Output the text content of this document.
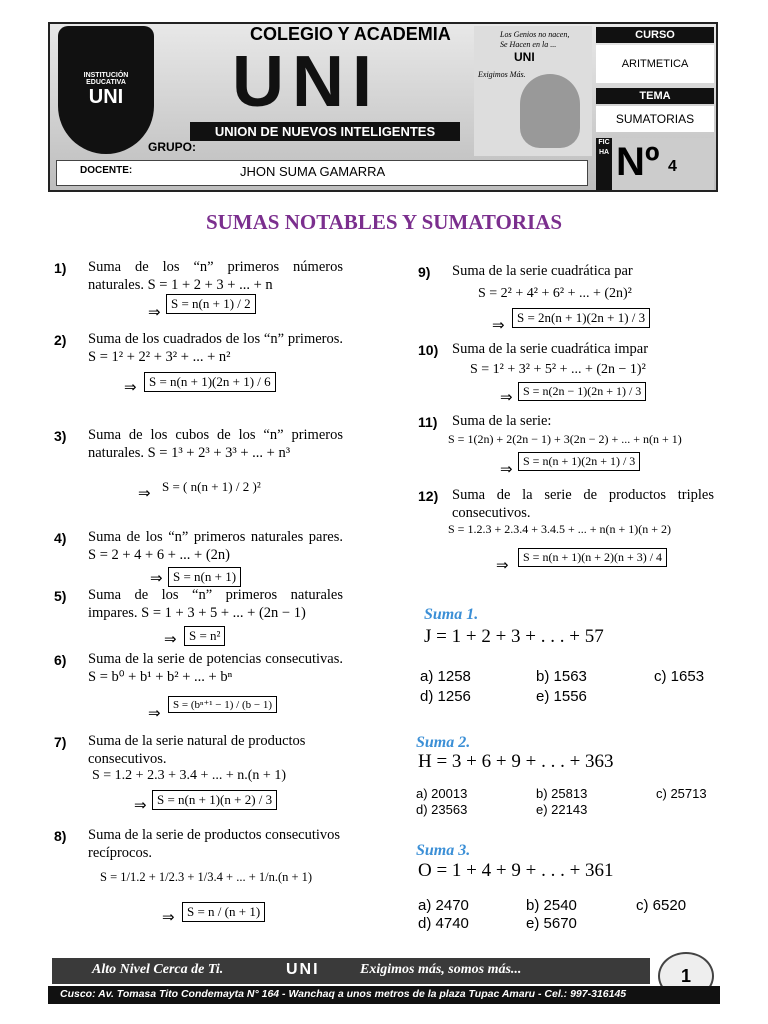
INSTITUCIÓN EDUCATIVA
UNI
COLEGIO Y ACADEMIA
UNI
UNION DE NUEVOS INTELIGENTES
GRUPO:
DOCENTE:	JHON SUMA GAMARRA
Los Genios no nacen,
Se Hacen en la ...
UNI
Exigimos Más.
CURSO
ARITMETICA
TEMA
SUMATORIAS
FICHA Nº 4
SUMAS NOTABLES Y SUMATORIAS
1) Suma de los “n” primeros números naturales. S = 1 + 2 + 3 + ... + n
⇒
S = n(n + 1) / 2
2) Suma de los cuadrados de los “n” primeros. S = 1² + 2² + 3² + ... + n²
⇒ S = n(n + 1)(2n + 1) / 6
3) Suma de los cubos de los “n” primeros naturales. S = 1³ + 2³ + 3³ + ... + n³
⇒ S = ( n(n + 1) / 2 )²
4) Suma de los “n” primeros naturales pares. S = 2 + 4 + 6 + ... + (2n)
⇒ S = n(n + 1)
5) Suma de los “n” primeros naturales impares. S = 1 + 3 + 5 + ... + (2n − 1)
⇒ S = n²
6) Suma de la serie de potencias consecutivas. S = b⁰ + b¹ + b² + ... + bⁿ
⇒
S = (bⁿ⁺¹ − 1) / (b − 1)
7) Suma de la serie natural de productos consecutivos.
S = 1.2 + 2.3 + 3.4 + ... + n.(n + 1)
⇒ S = n(n + 1)(n + 2) / 3
8) Suma de la serie de productos consecutivos recíprocos.
S = 1/1.2 + 1/2.3 + 1/3.4 + ... + 1/n.(n + 1)
⇒ S = n / (n + 1)
9) Suma de la serie cuadrática par
S = 2² + 4² + 6² + ... + (2n)²
⇒
S = 2n(n + 1)(2n + 1) / 3
10) Suma de la serie cuadrática impar
S = 1² + 3² + 5² + ... + (2n − 1)²
⇒ S = n(2n − 1)(2n + 1) / 3
11) Suma de la serie:
S = 1(2n) + 2(2n − 1) + 3(2n − 2) + ... + n(n + 1)
⇒
S = n(n + 1)(2n + 1) / 3
12) Suma de la serie de productos triples consecutivos.
S = 1.2.3 + 2.3.4 + 3.4.5 + ... + n(n + 1)(n + 2)
⇒
S = n(n + 1)(n + 2)(n + 3) / 4
Suma 1.
J = 1 + 2 + 3 + . . . + 57
a) 1258	b) 1563	c) 1653
d) 1256	e) 1556
Suma 2.
H = 3 + 6 + 9 + . . . + 363
a) 20013	b) 25813	c) 25713
d) 23563	e) 22143
Suma 3.
O = 1 + 4 + 9 + . . . + 361
a) 2470	b) 2540	c) 6520
d) 4740	e) 5670
Alto Nivel Cerca de Ti.	UNI	Exigimos más, somos más...	1
Cusco: Av. Tomasa Tito Condemayta N° 164 - Wanchaq a unos metros de la plaza Tupac Amaru - Cel.: 997-316145
